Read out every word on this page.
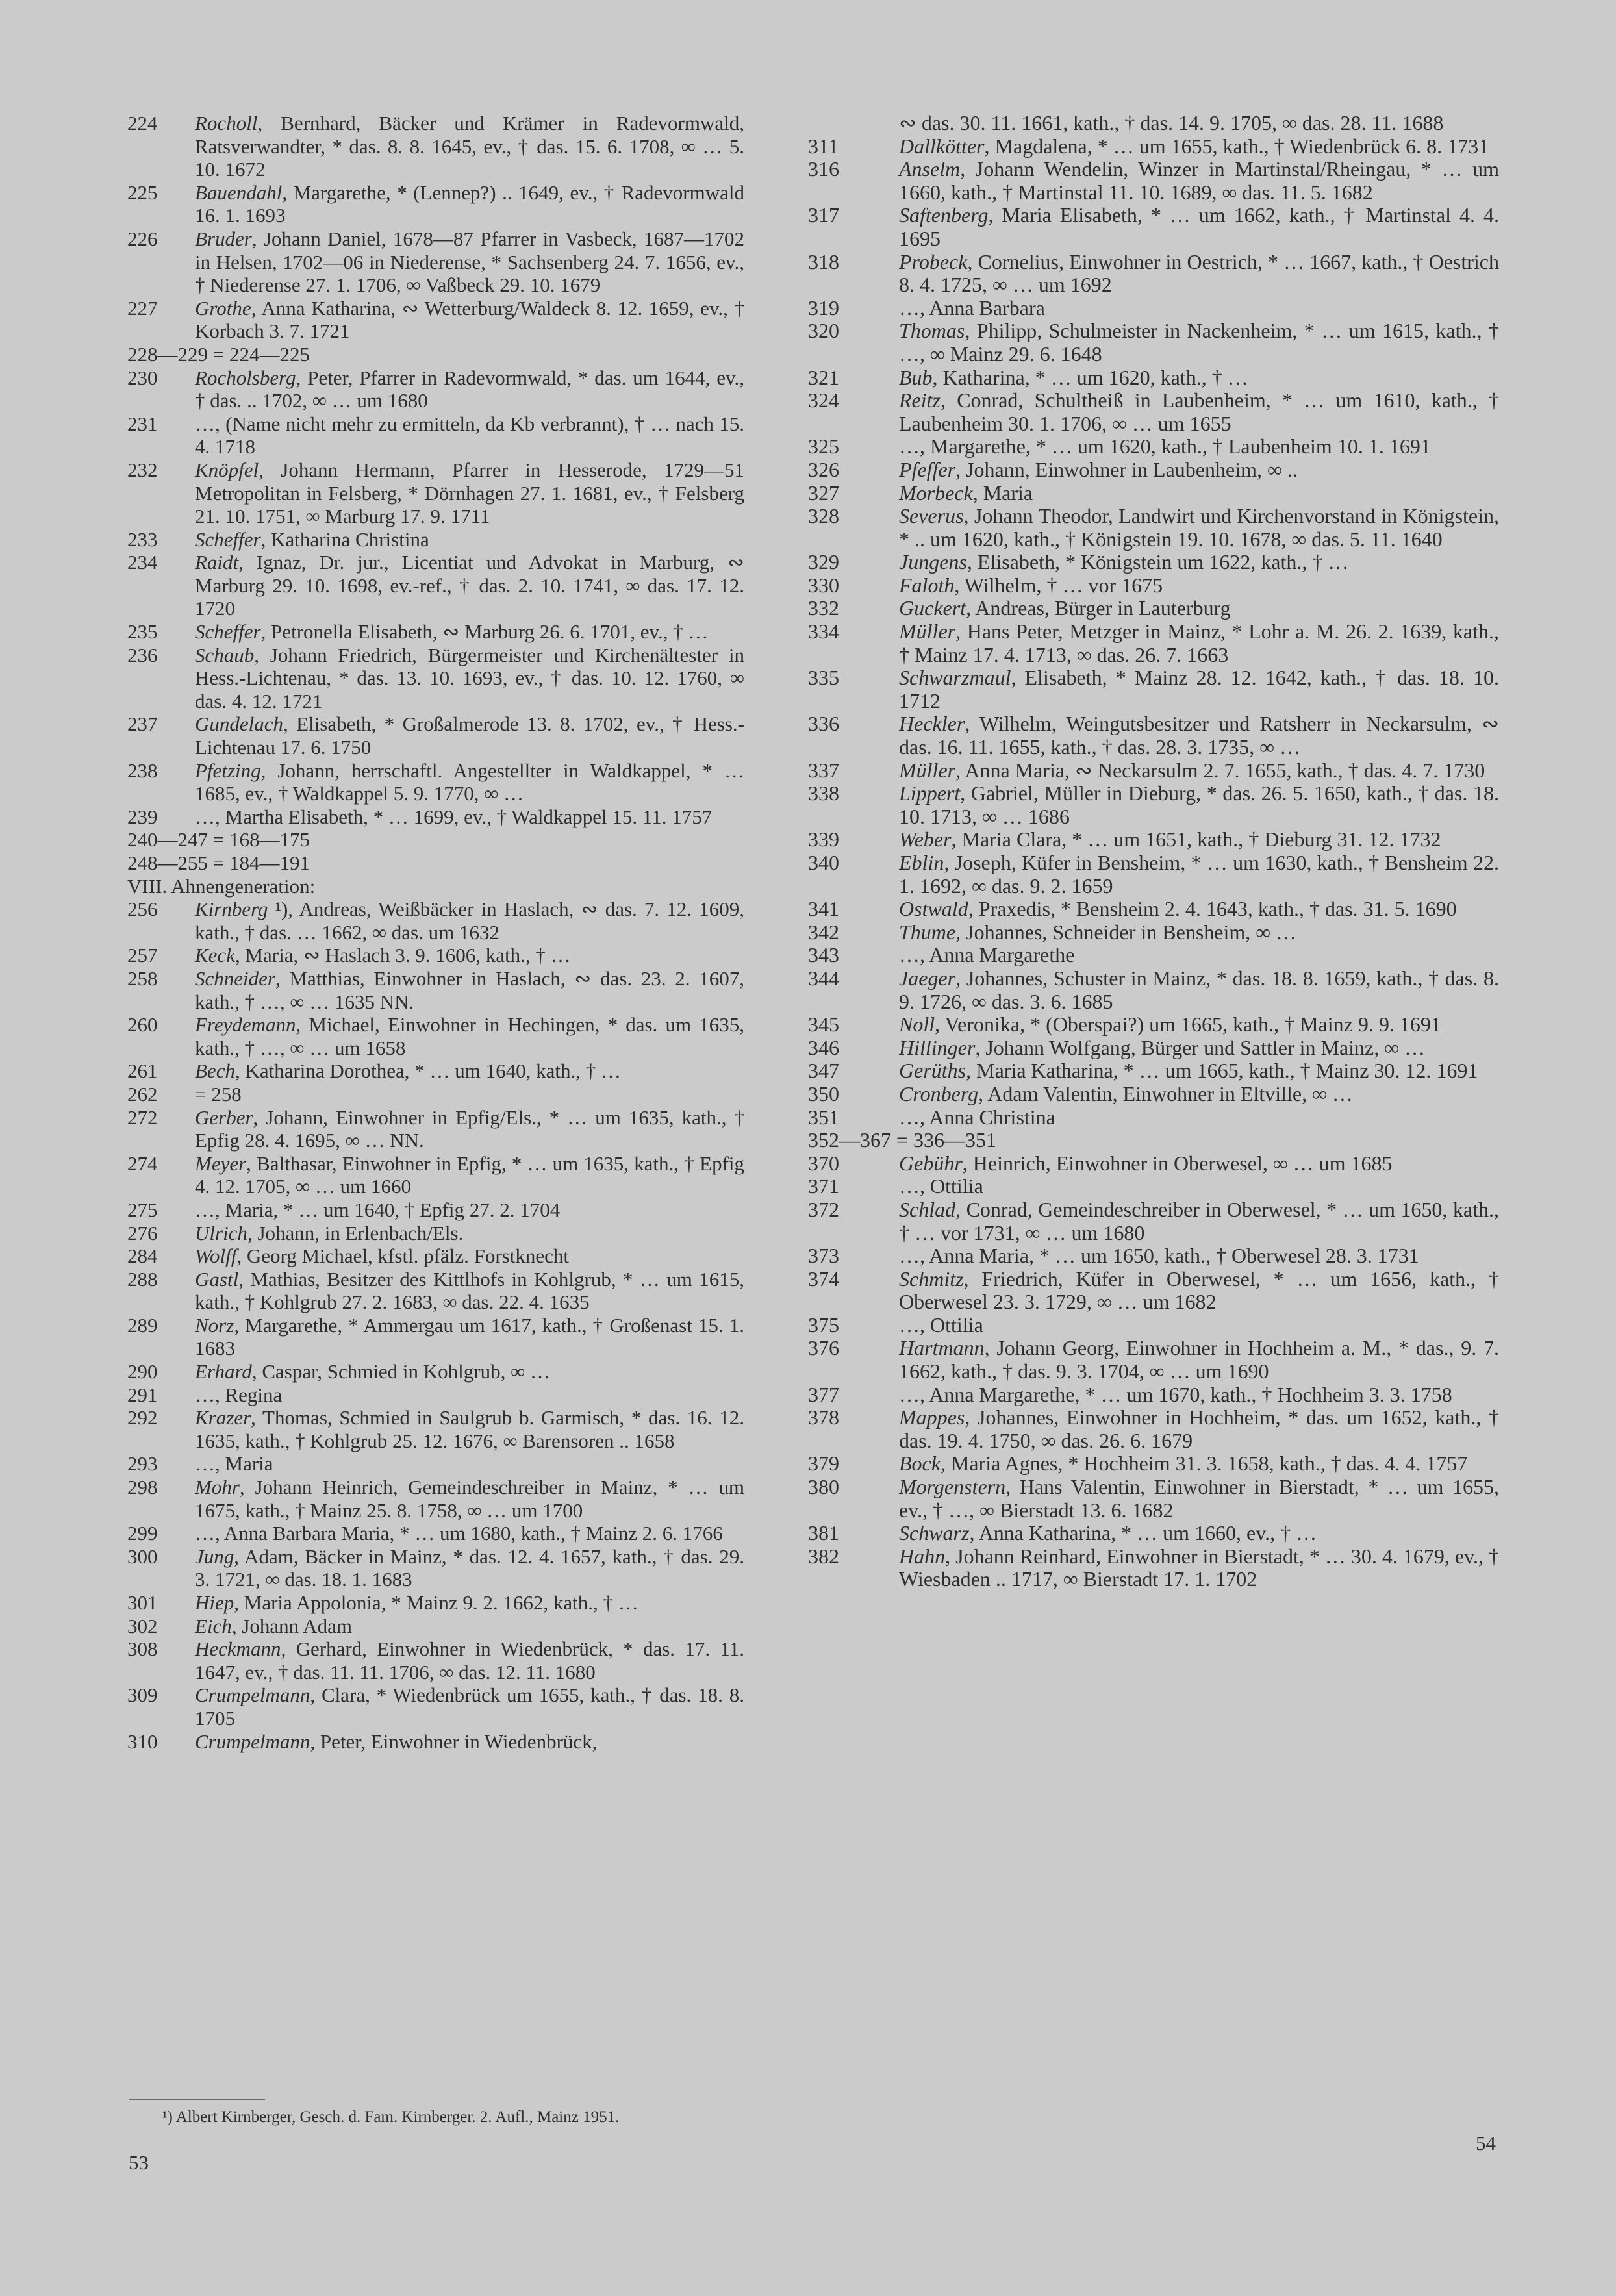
224	Rocholl, Bernhard, Bäcker und Krämer in Radevormwald, Ratsverwandter, * das. 8. 8. 1645, ev., † das. 15. 6. 1708, ∞ … 5. 10. 1672
225	Bauendahl, Margarethe, * (Lennep?) .. 1649, ev., † Radevormwald 16. 1. 1693
226	Bruder, Johann Daniel, 1678—87 Pfarrer in Vasbeck, 1687—1702 in Helsen, 1702—06 in Niederense, * Sachsenberg 24. 7. 1656, ev., † Niederense 27. 1. 1706, ∞ Vaßbeck 29. 10. 1679
227	Grothe, Anna Katharina, ∾ Wetterburg/Waldeck 8. 12. 1659, ev., † Korbach 3. 7. 1721
228—229 = 224—225
230	Rocholsberg, Peter, Pfarrer in Radevormwald, * das. um 1644, ev., † das. .. 1702, ∞ … um 1680
231	…, (Name nicht mehr zu ermitteln, da Kb verbrannt), † … nach 15. 4. 1718
232	Knöpfel, Johann Hermann, Pfarrer in Hesserode, 1729—51 Metropolitan in Felsberg, * Dörnhagen 27. 1. 1681, ev., † Felsberg 21. 10. 1751, ∞ Marburg 17. 9. 1711
233	Scheffer, Katharina Christina
234	Raidt, Ignaz, Dr. jur., Licentiat und Advokat in Marburg, ∾ Marburg 29. 10. 1698, ev.-ref., † das. 2. 10. 1741, ∞ das. 17. 12. 1720
235	Scheffer, Petronella Elisabeth, ∾ Marburg 26. 6. 1701, ev., † …
236	Schaub, Johann Friedrich, Bürgermeister und Kirchenältester in Hess.-Lichtenau, * das. 13. 10. 1693, ev., † das. 10. 12. 1760, ∞ das. 4. 12. 1721
237	Gundelach, Elisabeth, * Großalmerode 13. 8. 1702, ev., † Hess.-Lichtenau 17. 6. 1750
238	Pfetzing, Johann, herrschaftl. Angestellter in Waldkappel, * … 1685, ev., † Waldkappel 5. 9. 1770, ∞ …
239	…, Martha Elisabeth, * … 1699, ev., † Waldkappel 15. 11. 1757
240—247 = 168—175
248—255 = 184—191
VIII. Ahnengeneration:
256	Kirnberg ¹), Andreas, Weißbäcker in Haslach, ∾ das. 7. 12. 1609, kath., † das. … 1662, ∞ das. um 1632
257	Keck, Maria, ∾ Haslach 3. 9. 1606, kath., † …
258	Schneider, Matthias, Einwohner in Haslach, ∾ das. 23. 2. 1607, kath., † …, ∞ … 1635 NN.
260	Freydemann, Michael, Einwohner in Hechingen, * das. um 1635, kath., † …, ∞ … um 1658
261	Bech, Katharina Dorothea, * … um 1640, kath., † …
262	= 258
272	Gerber, Johann, Einwohner in Epfig/Els., * … um 1635, kath., † Epfig 28. 4. 1695, ∞ … NN.
274	Meyer, Balthasar, Einwohner in Epfig, * … um 1635, kath., † Epfig 4. 12. 1705, ∞ … um 1660
275	…, Maria, * … um 1640, † Epfig 27. 2. 1704
276	Ulrich, Johann, in Erlenbach/Els.
284	Wolff, Georg Michael, kfstl. pfälz. Forstknecht
288	Gastl, Mathias, Besitzer des Kittlhofs in Kohlgrub, * … um 1615, kath., † Kohlgrub 27. 2. 1683, ∞ das. 22. 4. 1635
289	Norz, Margarethe, * Ammergau um 1617, kath., † Großenast 15. 1. 1683
290	Erhard, Caspar, Schmied in Kohlgrub, ∞ …
291	…, Regina
292	Krazer, Thomas, Schmied in Saulgrub b. Garmisch, * das. 16. 12. 1635, kath., † Kohlgrub 25. 12. 1676, ∞ Barensoren .. 1658
293	…, Maria
298	Mohr, Johann Heinrich, Gemeindeschreiber in Mainz, * … um 1675, kath., † Mainz 25. 8. 1758, ∞ … um 1700
299	…, Anna Barbara Maria, * … um 1680, kath., † Mainz 2. 6. 1766
300	Jung, Adam, Bäcker in Mainz, * das. 12. 4. 1657, kath., † das. 29. 3. 1721, ∞ das. 18. 1. 1683
301	Hiep, Maria Appolonia, * Mainz 9. 2. 1662, kath., † …
302	Eich, Johann Adam
308	Heckmann, Gerhard, Einwohner in Wiedenbrück, * das. 17. 11. 1647, ev., † das. 11. 11. 1706, ∞ das. 12. 11. 1680
309	Crumpelmann, Clara, * Wiedenbrück um 1655, kath., † das. 18. 8. 1705
310	Crumpelmann, Peter, Einwohner in Wiedenbrück,
∾ das. 30. 11. 1661, kath., † das. 14. 9. 1705, ∞ das. 28. 11. 1688
311	Dallkötter, Magdalena, * … um 1655, kath., † Wiedenbrück 6. 8. 1731
316	Anselm, Johann Wendelin, Winzer in Martinstal/Rheingau, * … um 1660, kath., † Martinstal 11. 10. 1689, ∞ das. 11. 5. 1682
317	Saftenberg, Maria Elisabeth, * … um 1662, kath., † Martinstal 4. 4. 1695
318	Probeck, Cornelius, Einwohner in Oestrich, * … 1667, kath., † Oestrich 8. 4. 1725, ∞ … um 1692
319	…, Anna Barbara
320	Thomas, Philipp, Schulmeister in Nackenheim, * … um 1615, kath., † …, ∞ Mainz 29. 6. 1648
321	Bub, Katharina, * … um 1620, kath., † …
324	Reitz, Conrad, Schultheiß in Laubenheim, * … um 1610, kath., † Laubenheim 30. 1. 1706, ∞ … um 1655
325	…, Margarethe, * … um 1620, kath., † Laubenheim 10. 1. 1691
326	Pfeffer, Johann, Einwohner in Laubenheim, ∞ ..
327	Morbeck, Maria
328	Severus, Johann Theodor, Landwirt und Kirchenvorstand in Königstein, * .. um 1620, kath., † Königstein 19. 10. 1678, ∞ das. 5. 11. 1640
329	Jungens, Elisabeth, * Königstein um 1622, kath., † …
330	Faloth, Wilhelm, † … vor 1675
332	Guckert, Andreas, Bürger in Lauterburg
334	Müller, Hans Peter, Metzger in Mainz, * Lohr a. M. 26. 2. 1639, kath., † Mainz 17. 4. 1713, ∞ das. 26. 7. 1663
335	Schwarzmaul, Elisabeth, * Mainz 28. 12. 1642, kath., † das. 18. 10. 1712
336	Heckler, Wilhelm, Weingutsbesitzer und Ratsherr in Neckarsulm, ∾ das. 16. 11. 1655, kath., † das. 28. 3. 1735, ∞ …
337	Müller, Anna Maria, ∾ Neckarsulm 2. 7. 1655, kath., † das. 4. 7. 1730
338	Lippert, Gabriel, Müller in Dieburg, * das. 26. 5. 1650, kath., † das. 18. 10. 1713, ∞ … 1686
339	Weber, Maria Clara, * … um 1651, kath., † Dieburg 31. 12. 1732
340	Eblin, Joseph, Küfer in Bensheim, * … um 1630, kath., † Bensheim 22. 1. 1692, ∞ das. 9. 2. 1659
341	Ostwald, Praxedis, * Bensheim 2. 4. 1643, kath., † das. 31. 5. 1690
342	Thume, Johannes, Schneider in Bensheim, ∞ …
343	…, Anna Margarethe
344	Jaeger, Johannes, Schuster in Mainz, * das. 18. 8. 1659, kath., † das. 8. 9. 1726, ∞ das. 3. 6. 1685
345	Noll, Veronika, * (Oberspai?) um 1665, kath., † Mainz 9. 9. 1691
346	Hillinger, Johann Wolfgang, Bürger und Sattler in Mainz, ∞ …
347	Gerüths, Maria Katharina, * … um 1665, kath., † Mainz 30. 12. 1691
350	Cronberg, Adam Valentin, Einwohner in Eltville, ∞ …
351	…, Anna Christina
352—367 = 336—351
370	Gebühr, Heinrich, Einwohner in Oberwesel, ∞ … um 1685
371	…, Ottilia
372	Schlad, Conrad, Gemeindeschreiber in Oberwesel, * … um 1650, kath., † … vor 1731, ∞ … um 1680
373	…, Anna Maria, * … um 1650, kath., † Oberwesel 28. 3. 1731
374	Schmitz, Friedrich, Küfer in Oberwesel, * … um 1656, kath., † Oberwesel 23. 3. 1729, ∞ … um 1682
375	…, Ottilia
376	Hartmann, Johann Georg, Einwohner in Hochheim a. M., * das., 9. 7. 1662, kath., † das. 9. 3. 1704, ∞ … um 1690
377	…, Anna Margarethe, * … um 1670, kath., † Hochheim 3. 3. 1758
378	Mappes, Johannes, Einwohner in Hochheim, * das. um 1652, kath., † das. 19. 4. 1750, ∞ das. 26. 6. 1679
379	Bock, Maria Agnes, * Hochheim 31. 3. 1658, kath., † das. 4. 4. 1757
380	Morgenstern, Hans Valentin, Einwohner in Bierstadt, * … um 1655, ev., † …, ∞ Bierstadt 13. 6. 1682
381	Schwarz, Anna Katharina, * … um 1660, ev., † …
382	Hahn, Johann Reinhard, Einwohner in Bierstadt, * … 30. 4. 1679, ev., † Wiesbaden .. 1717, ∞ Bierstadt 17. 1. 1702
¹) Albert Kirnberger, Gesch. d. Fam. Kirnberger. 2. Aufl., Mainz 1951.
53
54
